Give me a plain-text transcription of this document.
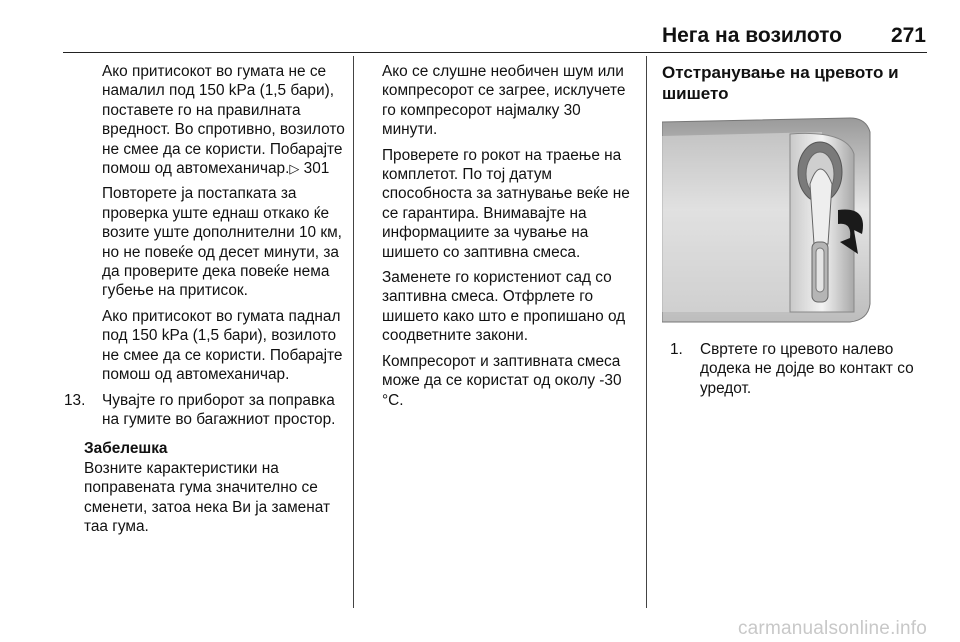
Нега на возилото 271

Ако притисокот во гумата не се намалил под 150 kPa (1,5 бари), поставете го на правилната вредност. Во спротивно, возилото не смее да се користи. Побарајте помош од автомеханичар.▷ 301

Повторете ја постапката за проверка уште еднаш откако ќе возите уште дополнителни 10 км, но не повеќе од десет минути, за да проверите дека повеќе нема губење на притисок.

Ако притисокот во гумата паднал под 150 kPa (1,5 бари), возилото не смее да се користи. Побарајте помош од автомеханичар.

13. Чувајте го приборот за поправка на гумите во багажниот простор.
Забелешка
Возните карактеристики на поправената гума значително се сменети, затоа нека Ви ја заменат таа гума.

Ако се слушне необичен шум или компресорот се загрее, исклучете го компресорот најмалку 30 минути.

Проверете го рокот на траење на комплетот. По тој датум способноста за затнување веќе не се гарантира. Внимавајте на информациите за чување на шишето со заптивна смеса.

Заменете го користениот сад со заптивна смеса. Отфрлете го шишето како што е пропишано од соодветните закони.

Компресорот и заптивната смеса може да се користат од околу -30 °C.

Отстранување на цревото и шишето
1. Свртете го цревото налево додека не дојде во контакт со уредот.
carmanualsonline.info
